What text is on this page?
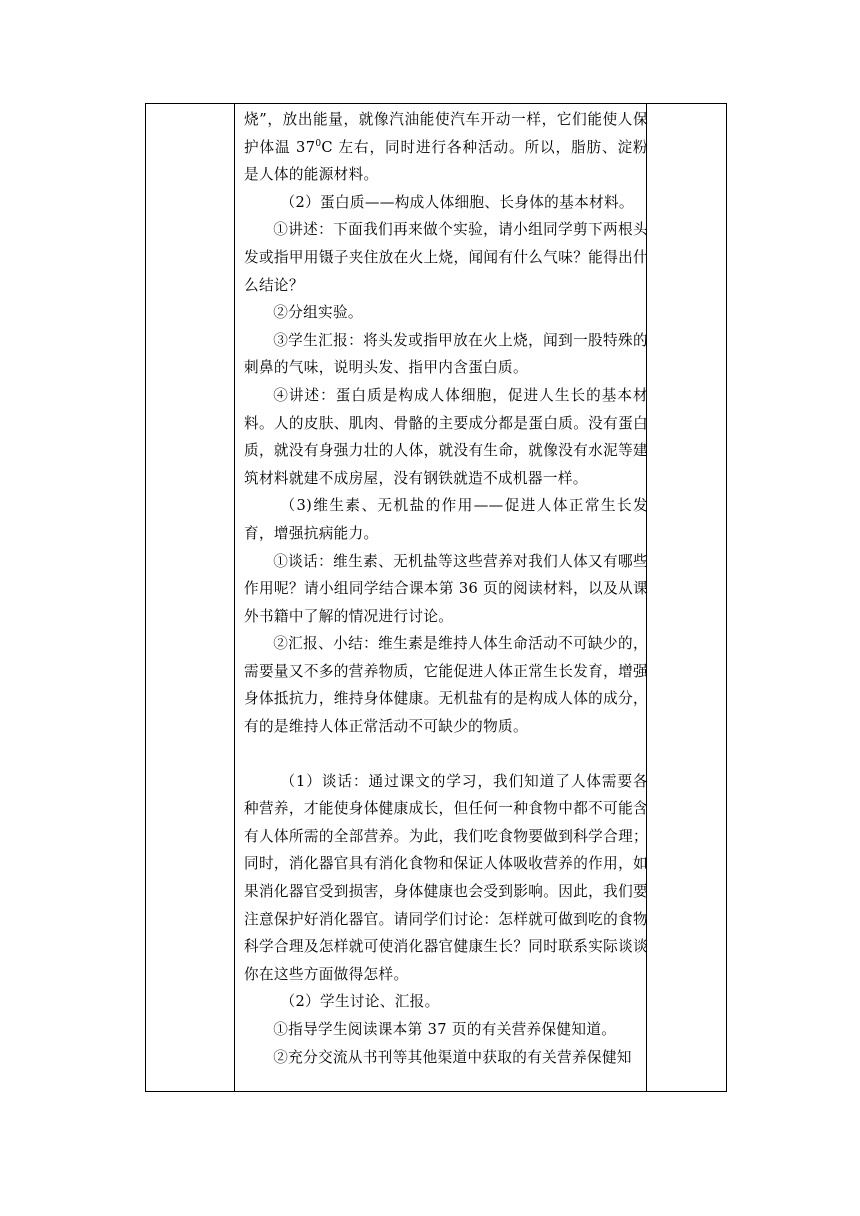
烧”，放出能量，就像汽油能使汽车开动一样，它们能使人保护体温 $37^0C$ 左右，同时进行各种活动。所以，脂肪、淀粉是人体的能源材料。
（2）蛋白质——构成人体细胞、长身体的基本材料。
①讲述：下面我们再来做个实验，请小组同学剪下两根头发或指甲用镊子夹住放在火上烧，闻闻有什么气味？能得出什么结论？
②分组实验。
③学生汇报：将头发或指甲放在火上烧，闻到一股特殊的刺鼻的气味，说明头发、指甲内含蛋白质。
④讲述：蛋白质是构成人体细胞，促进人生长的基本材料。人的皮肤、肌肉、骨骼的主要成分都是蛋白质。没有蛋白质，就没有身强力壮的人体，就没有生命，就像没有水泥等建筑材料就建不成房屋，没有钢铁就造不成机器一样。
（3)维生素、无机盐的作用——促进人体正常生长发育，增强抗病能力。
①谈话：维生素、无机盐等这些营养对我们人体又有哪些作用呢？请小组同学结合课本第 36 页的阅读材料，以及从课外书籍中了解的情况进行讨论。
②汇报、小结：维生素是维持人体生命活动不可缺少的，需要量又不多的营养物质，它能促进人体正常生长发育，增强身体抵抗力，维持身体健康。无机盐有的是构成人体的成分，有的是维持人体正常活动不可缺少的物质。
（1）谈话：通过课文的学习，我们知道了人体需要各种营养，才能使身体健康成长，但任何一种食物中都不可能含有人体所需的全部营养。为此，我们吃食物要做到科学合理；同时，消化器官具有消化食物和保证人体吸收营养的作用，如果消化器官受到损害，身体健康也会受到影响。因此，我们要注意保护好消化器官。请同学们讨论：怎样就可做到吃的食物科学合理及怎样就可使消化器官健康生长？同时联系实际谈谈你在这些方面做得怎样。
（2）学生讨论、汇报。
①指导学生阅读课本第 37 页的有关营养保健知道。
②充分交流从书刊等其他渠道中获取的有关营养保健知
